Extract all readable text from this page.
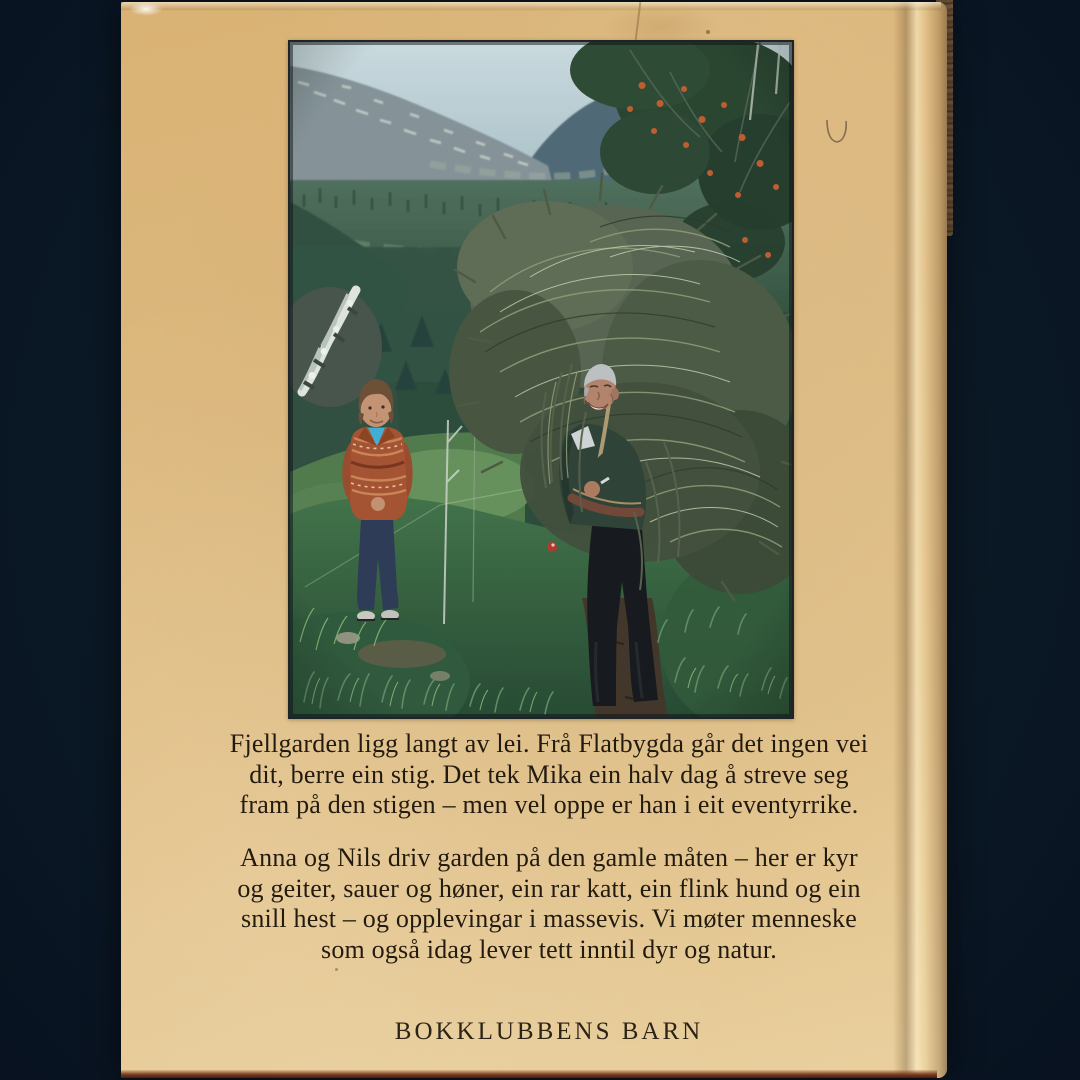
Fjellgarden ligg langt av lei. Frå Flatbygda går det ingen vei
dit, berre ein stig. Det tek Mika ein halv dag å streve seg
fram på den stigen – men vel oppe er han i eit eventyrrike.
Anna og Nils driv garden på den gamle måten – her er kyr
og geiter, sauer og høner, ein rar katt, ein flink hund og ein
snill hest – og opplevingar i massevis. Vi møter menneske
som også idag lever tett inntil dyr og natur.
BOKKLUBBENS BARN
